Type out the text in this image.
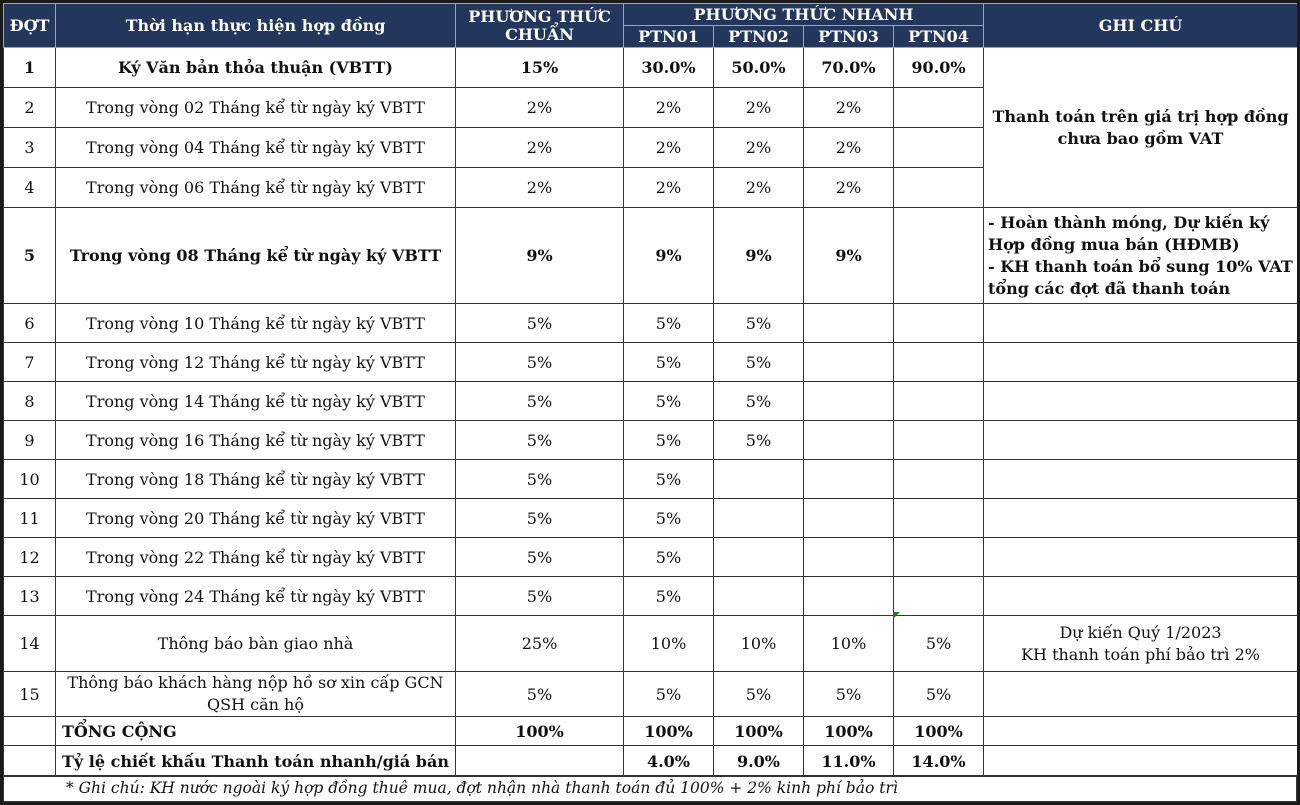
ĐỢT	Thời hạn thực hiện hợp đồng	PHƯƠNG THỨC CHUẨN	PHƯƠNG THỨC NHANH				GHI CHÚ
			PTN01	PTN02	PTN03	PTN04	
1	Ký Văn bản thỏa thuận (VBTT)	15%	30.0%	50.0%	70.0%	90.0%	Thanh toán trên giá trị hợp đồng chưa bao gồm VAT
2	Trong vòng 02 Tháng kể từ ngày ký VBTT	2%	2%	2%	2%		
3	Trong vòng 04 Tháng kể từ ngày ký VBTT	2%	2%	2%	2%		
4	Trong vòng 06 Tháng kể từ ngày ký VBTT	2%	2%	2%	2%		
5	Trong vòng 08 Tháng kể từ ngày ký VBTT	9%	9%	9%	9%		- Hoàn thành móng, Dự kiến ký Hợp đồng mua bán (HĐMB)
- KH thanh toán bổ sung 10% VAT tổng các đợt đã thanh toán

6	Trong vòng 10 Tháng kể từ ngày ký VBTT	5%	5%	5%			
7	Trong vòng 12 Tháng kể từ ngày ký VBTT	5%	5%	5%			
8	Trong vòng 14 Tháng kể từ ngày ký VBTT	5%	5%	5%			
9	Trong vòng 16 Tháng kể từ ngày ký VBTT	5%	5%	5%			
10	Trong vòng 18 Tháng kể từ ngày ký VBTT	5%	5%				
11	Trong vòng 20 Tháng kể từ ngày ký VBTT	5%	5%				
12	Trong vòng 22 Tháng kể từ ngày ký VBTT	5%	5%				
13	Trong vòng 24 Tháng kể từ ngày ký VBTT	5%	5%				
14	Thông báo bàn giao nhà	25%	10%	10%	10%	5%	Dự kiến Quý 1/2023
KH thanh toán phí bảo trì 2%

15	Thông báo khách hàng nộp hồ sơ xin cấp GCN QSH căn hộ	5%	5%	5%	5%	5%	
	TỔNG CỘNG	100%	100%	100%	100%	100%	
	Tỷ lệ chiết khấu Thanh toán nhanh/giá bán		4.0%	9.0%	11.0%	14.0%	
* Ghi chú: KH nước ngoài ký hợp đồng thuê mua, đợt nhận nhà thanh toán đủ 100% + 2% kinh phí bảo trì
